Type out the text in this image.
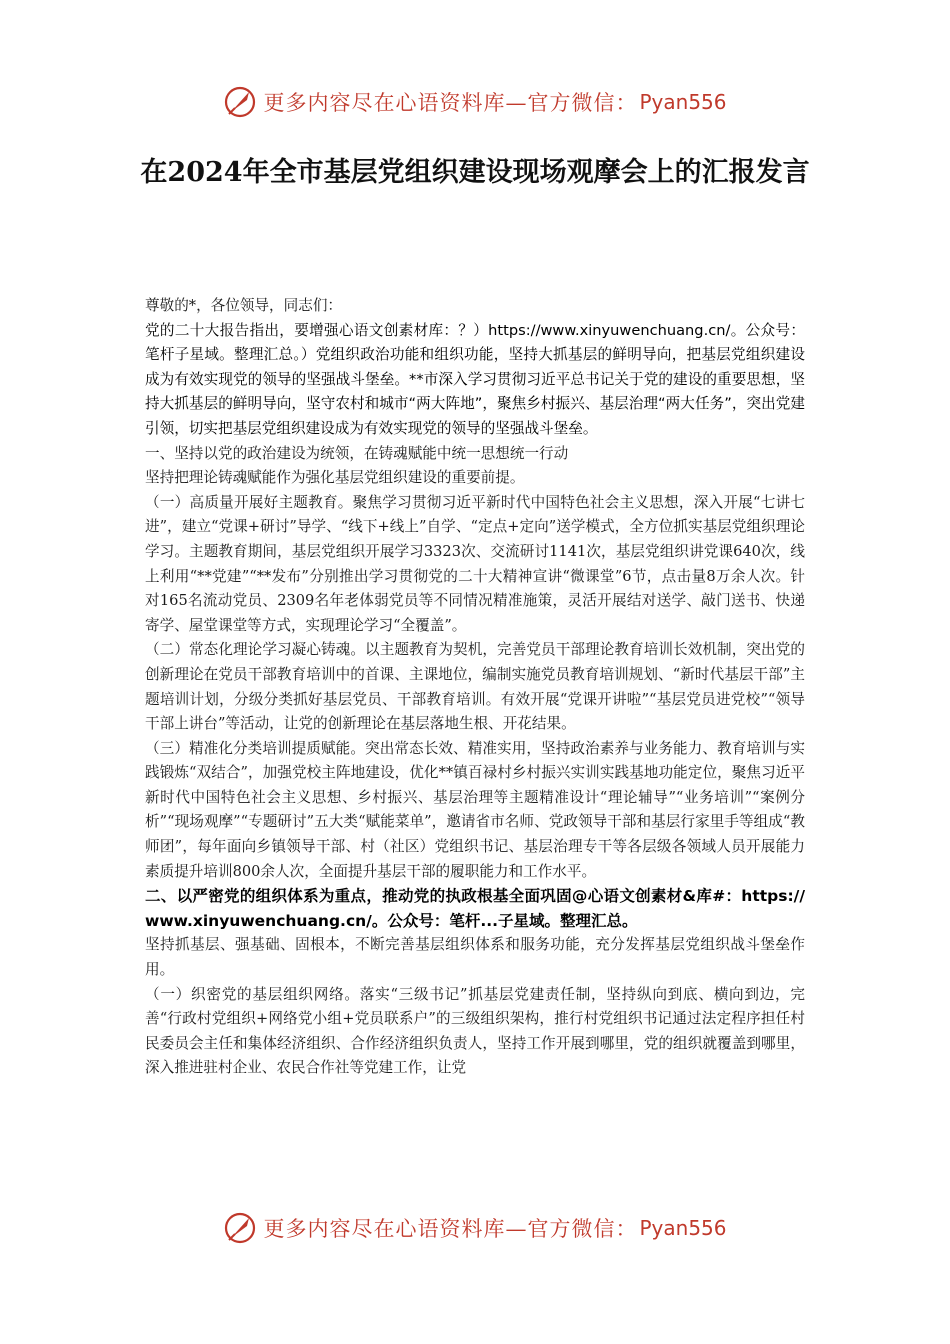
更多内容尽在心语资料库—官方微信： Pyan556
在2024年全市基层党组织建设现场观摩会上的汇报发言

尊敬的*，各位领导，同志们：

党的二十大报告指出，要增强心语文创素材库：？）https://www.xinyuwenchuang.cn/。公众号：笔杆子星域。整理汇总。）党组织政治功能和组织功能，坚持大抓基层的鲜明导向，把基层党组织建设成为有效实现党的领导的坚强战斗堡垒。**市深入学习贯彻习近平总书记关于党的建设的重要思想，坚持大抓基层的鲜明导向，坚守农村和城市“两大阵地”，聚焦乡村振兴、基层治理“两大任务”，突出党建引领，切实把基层党组织建设成为有效实现党的领导的坚强战斗堡垒。

一、坚持以党的政治建设为统领，在铸魂赋能中统一思想统一行动

坚持把理论铸魂赋能作为强化基层党组织建设的重要前提。

（一）高质量开展好主题教育。聚焦学习贯彻习近平新时代中国特色社会主义思想，深入开展“七讲七进”，建立“党课+研讨”导学、“线下+线上”自学、“定点+定向”送学模式，全方位抓实基层党组织理论学习。主题教育期间，基层党组织开展学习3323次、交流研讨1141次，基层党组织讲党课640次，线上利用“**党建”“**发布”分别推出学习贯彻党的二十大精神宣讲“微课堂”6节，点击量8万余人次。针对165名流动党员、2309名年老体弱党员等不同情况精准施策，灵活开展结对送学、敲门送书、快递寄学、屋堂课堂等方式，实现理论学习“全覆盖”。

（二）常态化理论学习凝心铸魂。以主题教育为契机，完善党员干部理论教育培训长效机制，突出党的创新理论在党员干部教育培训中的首课、主课地位，编制实施党员教育培训规划、“新时代基层干部”主题培训计划，分级分类抓好基层党员、干部教育培训。有效开展“党课开讲啦”“基层党员进党校”“领导干部上讲台”等活动，让党的创新理论在基层落地生根、开花结果。

（三）精准化分类培训提质赋能。突出常态长效、精准实用，坚持政治素养与业务能力、教育培训与实践锻炼“双结合”，加强党校主阵地建设，优化**镇百禄村乡村振兴实训实践基地功能定位，聚焦习近平新时代中国特色社会主义思想、乡村振兴、基层治理等主题精准设计“理论辅导”“业务培训”“案例分析”“现场观摩”“专题研讨”五大类“赋能菜单”，邀请省市名师、党政领导干部和基层行家里手等组成“教师团”，每年面向乡镇领导干部、村（社区）党组织书记、基层治理专干等各层级各领域人员开展能力素质提升培训800余人次，全面提升基层干部的履职能力和工作水平。

二、以严密党的组织体系为重点，推动党的执政根基全面巩固@心语文创素材&库#：https://www.xinyuwenchuang.cn/。公众号：笔杆...子星域。整理汇总。

坚持抓基层、强基础、固根本，不断完善基层组织体系和服务功能，充分发挥基层党组织战斗堡垒作用。

（一）织密党的基层组织网络。落实“三级书记”抓基层党建责任制，坚持纵向到底、横向到边，完善“行政村党组织+网络党小组+党员联系户”的三级组织架构，推行村党组织书记通过法定程序担任村民委员会主任和集体经济组织、合作经济组织负责人，坚持工作开展到哪里，党的组织就覆盖到哪里，深入推进驻村企业、农民合作社等党建工作，让党

更多内容尽在心语资料库—官方微信： Pyan556
